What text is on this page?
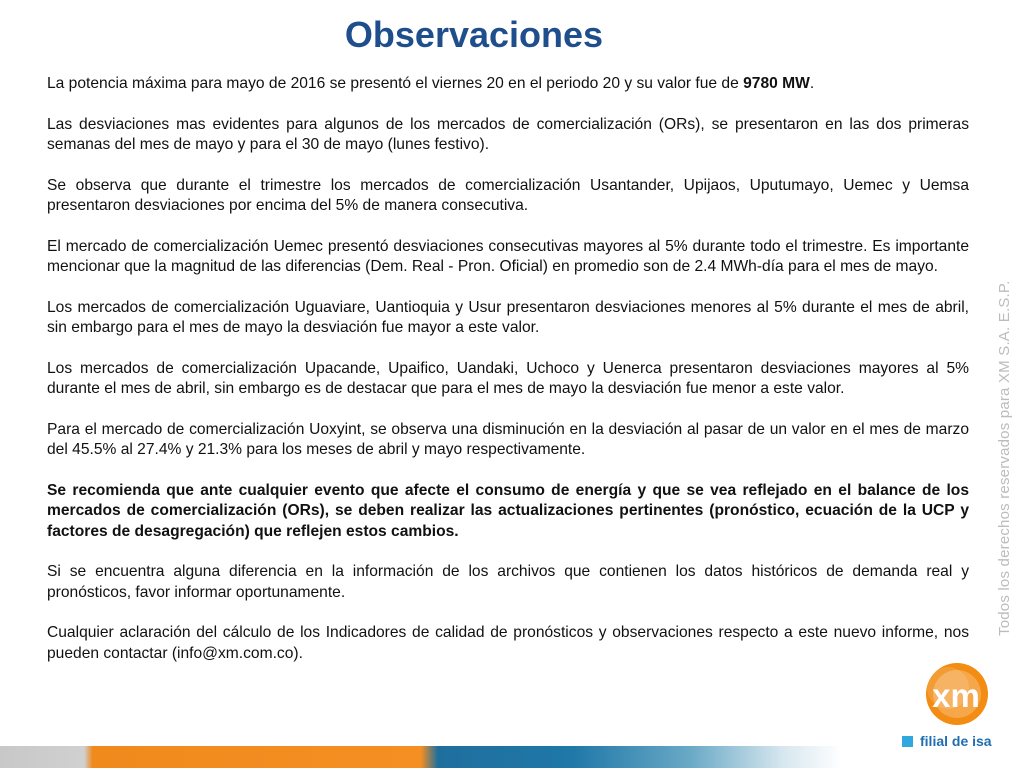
Observaciones

La potencia máxima para mayo de 2016 se presentó el viernes 20 en el periodo 20 y su valor fue de 9780 MW.

Las desviaciones mas evidentes para algunos de los mercados de comercialización (ORs), se presentaron en las dos primeras semanas del mes de mayo y para el 30 de mayo (lunes festivo).

Se observa que durante el trimestre los mercados de comercialización Usantander, Upijaos, Uputumayo, Uemec y Uemsa presentaron desviaciones por encima del 5% de manera consecutiva.

El mercado de comercialización Uemec presentó desviaciones consecutivas mayores al 5% durante todo el trimestre. Es importante mencionar que la magnitud de las diferencias (Dem. Real - Pron. Oficial) en promedio son de 2.4 MWh-día para el mes de mayo.

Los mercados de comercialización Uguaviare, Uantioquia y Usur presentaron desviaciones menores al 5% durante el mes de abril, sin embargo para el mes de mayo la desviación fue mayor a este valor.

Los mercados de comercialización Upacande, Upaifico, Uandaki, Uchoco y Uenerca presentaron desviaciones mayores al 5% durante el mes de abril, sin embargo es de destacar que para el mes de mayo la desviación fue menor a este valor.

Para el mercado de comercialización Uoxyint, se observa una disminución en la desviación al pasar de un valor en el mes de marzo del 45.5% al 27.4% y 21.3% para los meses de abril y mayo respectivamente.

Se recomienda que ante cualquier evento que afecte el consumo de energía y que se vea reflejado en el balance de los mercados de comercialización (ORs), se deben realizar las actualizaciones pertinentes (pronóstico, ecuación de la UCP y factores de desagregación) que reflejen estos cambios.

Si se encuentra alguna diferencia en la información de los archivos que contienen los datos históricos de demanda real y pronósticos, favor informar oportunamente.

Cualquier aclaración del cálculo de los Indicadores de calidad de pronósticos y observaciones respecto a este nuevo informe, nos pueden contactar (info@xm.com.co).

Todos los derechos reservados para XM S.A. E.S.P.
xm
filial de isa
